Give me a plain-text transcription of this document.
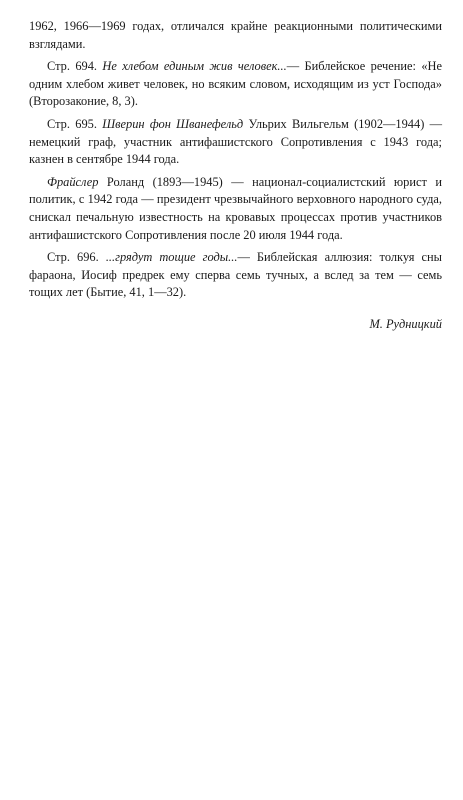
1962, 1966—1969 годах, отличался крайне реакционными политическими взглядами.

Стр. 694. Не хлебом единым жив человек...— Библейское речение: «Не одним хлебом живет человек, но всяким словом, исходящим из уст Господа» (Второзаконие, 8, 3).

Стр. 695. Шверин фон Шванефельд Ульрих Вильгельм (1902—1944) — немецкий граф, участник антифашистского Сопротивления с 1943 года; казнен в сентябре 1944 года.

Фрайслер Роланд (1893—1945) — национал-социалистский юрист и политик, с 1942 года — президент чрезвычайного верховного народного суда, снискал печальную известность на кровавых процессах против участников антифашистского Сопротивления после 20 июля 1944 года.

Стр. 696. ...грядут тощие годы...— Библейская аллюзия: толкуя сны фараона, Иосиф предрек ему сперва семь тучных, а вслед за тем — семь тощих лет (Бытие, 41, 1—32).

М. Рудницкий
